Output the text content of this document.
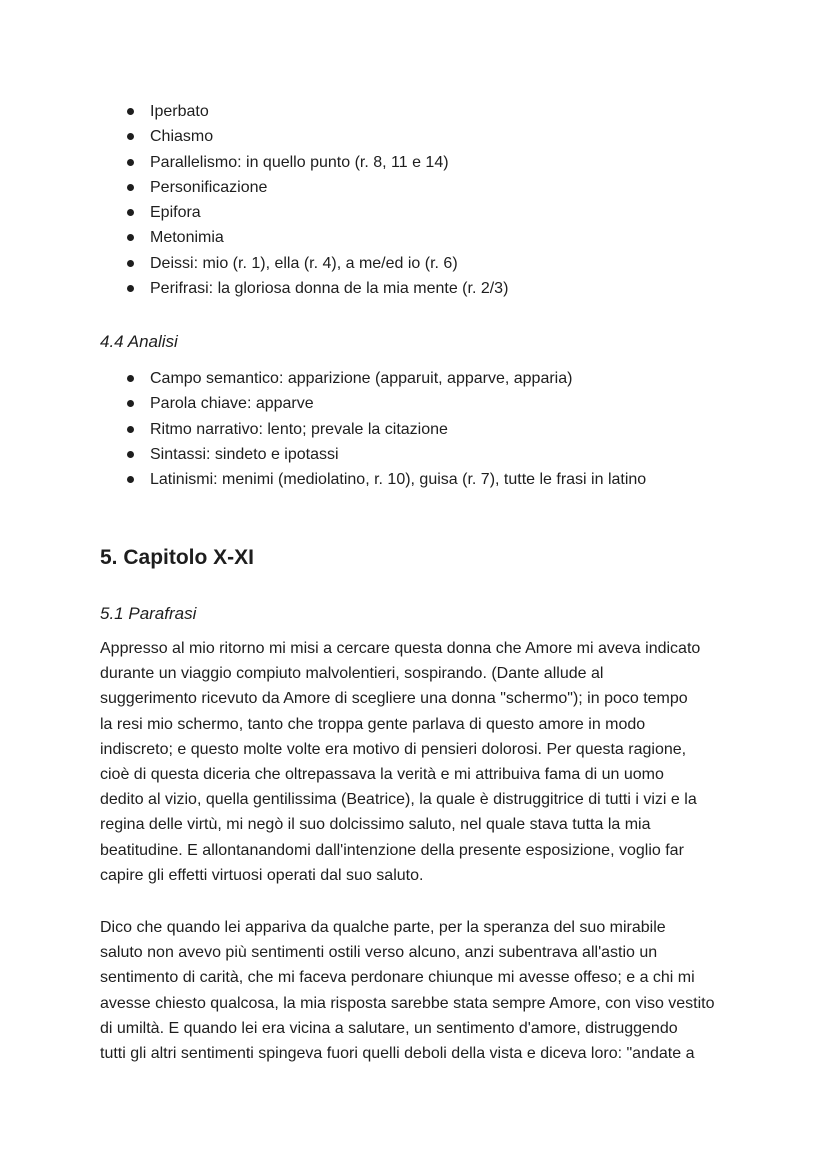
Iperbato
Chiasmo
Parallelismo: in quello punto (r. 8, 11 e 14)
Personificazione
Epifora
Metonimia
Deissi: mio (r. 1), ella (r. 4), a me/ed io (r. 6)
Perifrasi: la gloriosa donna de la mia mente (r. 2/3)
4.4 Analisi
Campo semantico: apparizione (apparuit, apparve, apparia)
Parola chiave: apparve
Ritmo narrativo: lento; prevale la citazione
Sintassi: sindeto e ipotassi
Latinismi: menimi (mediolatino, r. 10), guisa (r. 7), tutte le frasi in latino
5. Capitolo X-XI
5.1 Parafrasi

Appresso al mio ritorno mi misi a cercare questa donna che Amore mi aveva indicato
durante un viaggio compiuto malvolentieri, sospirando. (Dante allude al
suggerimento ricevuto da Amore di scegliere una donna "schermo"); in poco tempo
la resi mio schermo, tanto che troppa gente parlava di questo amore in modo
indiscreto; e questo molte volte era motivo di pensieri dolorosi. Per questa ragione,
cioè di questa diceria che oltrepassava la verità e mi attribuiva fama di un uomo
dedito al vizio, quella gentilissima (Beatrice), la quale è distruggitrice di tutti i vizi e la
regina delle virtù, mi negò il suo dolcissimo saluto, nel quale stava tutta la mia
beatitudine. E allontanandomi dall'intenzione della presente esposizione, voglio far
capire gli effetti virtuosi operati dal suo saluto.

Dico che quando lei appariva da qualche parte, per la speranza del suo mirabile
saluto non avevo più sentimenti ostili verso alcuno, anzi subentrava all'astio un
sentimento di carità, che mi faceva perdonare chiunque mi avesse offeso; e a chi mi
avesse chiesto qualcosa, la mia risposta sarebbe stata sempre Amore, con viso vestito
di umiltà. E quando lei era vicina a salutare, un sentimento d'amore, distruggendo
tutti gli altri sentimenti spingeva fuori quelli deboli della vista e diceva loro: "andate a
